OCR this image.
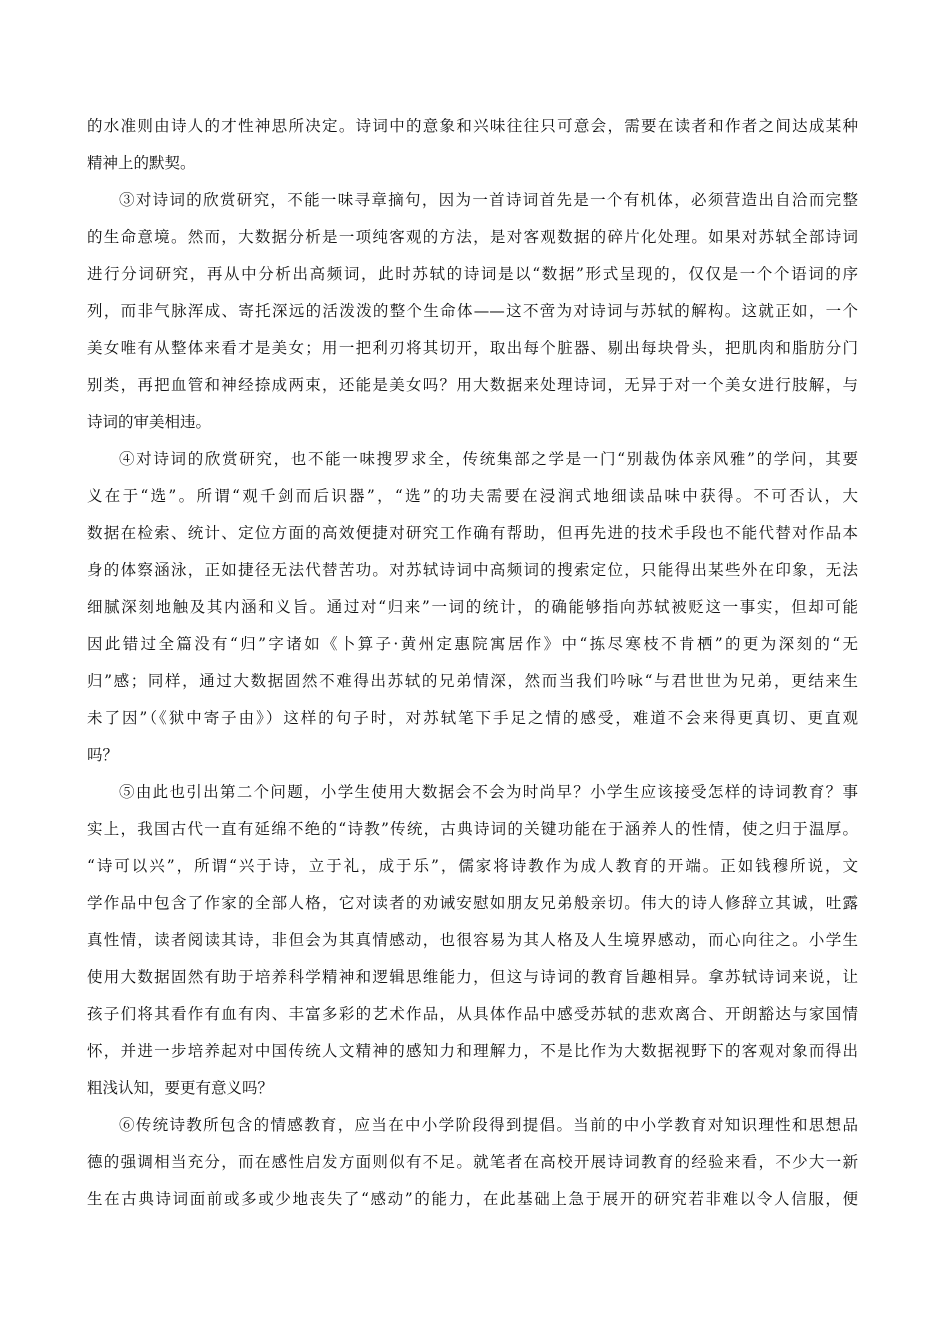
的水准则由诗人的才性神思所决定。诗词中的意象和兴味往往只可意会，需要在读者和作者之间达成某种
精神上的默契。
③对诗词的欣赏研究，不能一味寻章摘句，因为一首诗词首先是一个有机体，必须营造出自洽而完整
的生命意境。然而，大数据分析是一项纯客观的方法，是对客观数据的碎片化处理。如果对苏轼全部诗词
进行分词研究，再从中分析出高频词，此时苏轼的诗词是以“数据”形式呈现的，仅仅是一个个语词的序
列，而非气脉浑成、寄托深远的活泼泼的整个生命体——这不啻为对诗词与苏轼的解构。这就正如，一个
美女唯有从整体来看才是美女；用一把利刃将其切开，取出每个脏器、剔出每块骨头，把肌肉和脂肪分门
别类，再把血管和神经捺成两束，还能是美女吗？用大数据来处理诗词，无异于对一个美女进行肢解，与
诗词的审美相违。
④对诗词的欣赏研究，也不能一味搜罗求全，传统集部之学是一门“别裁伪体亲风雅”的学问，其要
义在于“选”。所谓“观千剑而后识器”，“选”的功夫需要在浸润式地细读品味中获得。不可否认，大
数据在检索、统计、定位方面的高效便捷对研究工作确有帮助，但再先进的技术手段也不能代替对作品本
身的体察涵泳，正如捷径无法代替苦功。对苏轼诗词中高频词的搜索定位，只能得出某些外在印象，无法
细腻深刻地触及其内涵和义旨。通过对“归来”一词的统计，的确能够指向苏轼被贬这一事实，但却可能
因此错过全篇没有“归”字诸如《卜算子·黄州定惠院寓居作》中“拣尽寒枝不肯栖”的更为深刻的“无
归”感；同样，通过大数据固然不难得出苏轼的兄弟情深，然而当我们吟咏“与君世世为兄弟，更结来生
未了因”（《狱中寄子由》）这样的句子时，对苏轼笔下手足之情的感受，难道不会来得更真切、更直观
吗？
⑤由此也引出第二个问题，小学生使用大数据会不会为时尚早？小学生应该接受怎样的诗词教育？事
实上，我国古代一直有延绵不绝的“诗教”传统，古典诗词的关键功能在于涵养人的性情，使之归于温厚。
“诗可以兴”，所谓“兴于诗，立于礼，成于乐”，儒家将诗教作为成人教育的开端。正如钱穆所说，文
学作品中包含了作家的全部人格，它对读者的劝诫安慰如朋友兄弟般亲切。伟大的诗人修辞立其诚，吐露
真性情，读者阅读其诗，非但会为其真情感动，也很容易为其人格及人生境界感动，而心向往之。小学生
使用大数据固然有助于培养科学精神和逻辑思维能力，但这与诗词的教育旨趣相异。拿苏轼诗词来说，让
孩子们将其看作有血有肉、丰富多彩的艺术作品，从具体作品中感受苏轼的悲欢离合、开朗豁达与家国情
怀，并进一步培养起对中国传统人文精神的感知力和理解力，不是比作为大数据视野下的客观对象而得出
粗浅认知，要更有意义吗？
⑥传统诗教所包含的情感教育，应当在中小学阶段得到提倡。当前的中小学教育对知识理性和思想品
德的强调相当充分，而在感性启发方面则似有不足。就笔者在高校开展诗词教育的经验来看，不少大一新
生在古典诗词面前或多或少地丧失了“感动”的能力，在此基础上急于展开的研究若非难以令人信服，便
